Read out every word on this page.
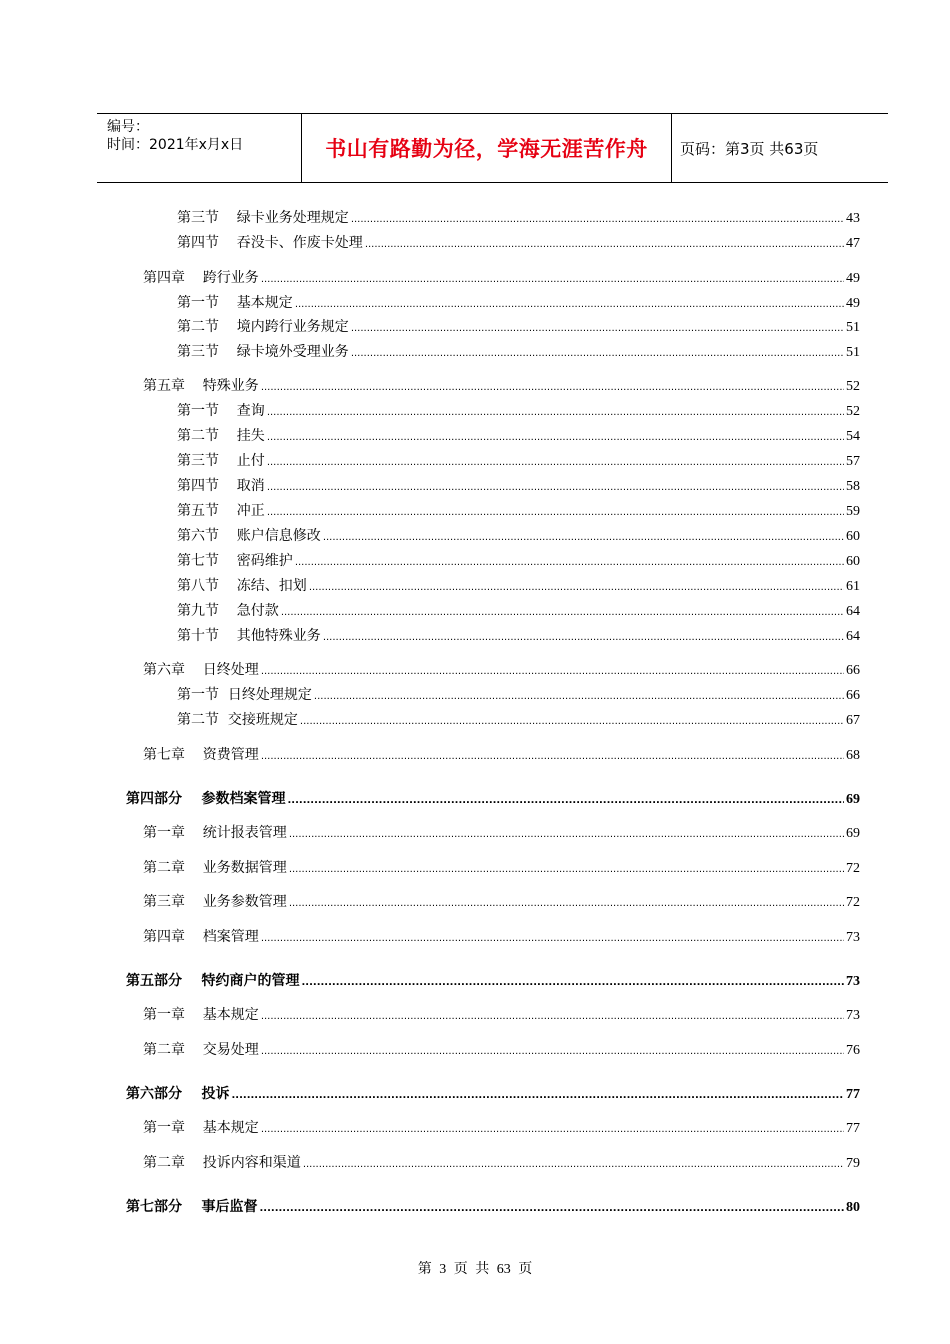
编号：
时间：2021年x月x日	书山有路勤为径，学海无涯苦作舟	页码：第3页 共63页
第三节    绿卡业务处理规定 .....	43
第四节    吞没卡、作废卡处理 .....	47
第四章    跨行业务 .....	49
第一节    基本规定 .....	49
第二节    境内跨行业务规定 .....	51
第三节    绿卡境外受理业务 .....	51
第五章    特殊业务 .....	52
第一节    查询 .....	52
第二节    挂失 .....	54
第三节    止付 .....	57
第四节    取消 .....	58
第五节    冲正 .....	59
第六节    账户信息修改 .....	60
第七节    密码维护 .....	60
第八节    冻结、扣划 .....	61
第九节    急付款 .....	64
第十节    其他特殊业务 .....	64
第六章    日终处理 .....	66
第一节  日终处理规定 .....	66
第二节  交接班规定 .....	67
第七章    资费管理 .....	68
第四部分    参数档案管理 .....	69
第一章    统计报表管理 .....	69
第二章    业务数据管理 .....	72
第三章    业务参数管理 .....	72
第四章    档案管理 .....	73
第五部分    特约商户的管理 .....	73
第一章    基本规定 .....	73
第二章    交易处理 .....	76
第六部分    投诉 .....	77
第一章    基本规定 .....	77
第二章    投诉内容和渠道 .....	79
第七部分    事后监督 .....	80
第 3 页 共 63 页
